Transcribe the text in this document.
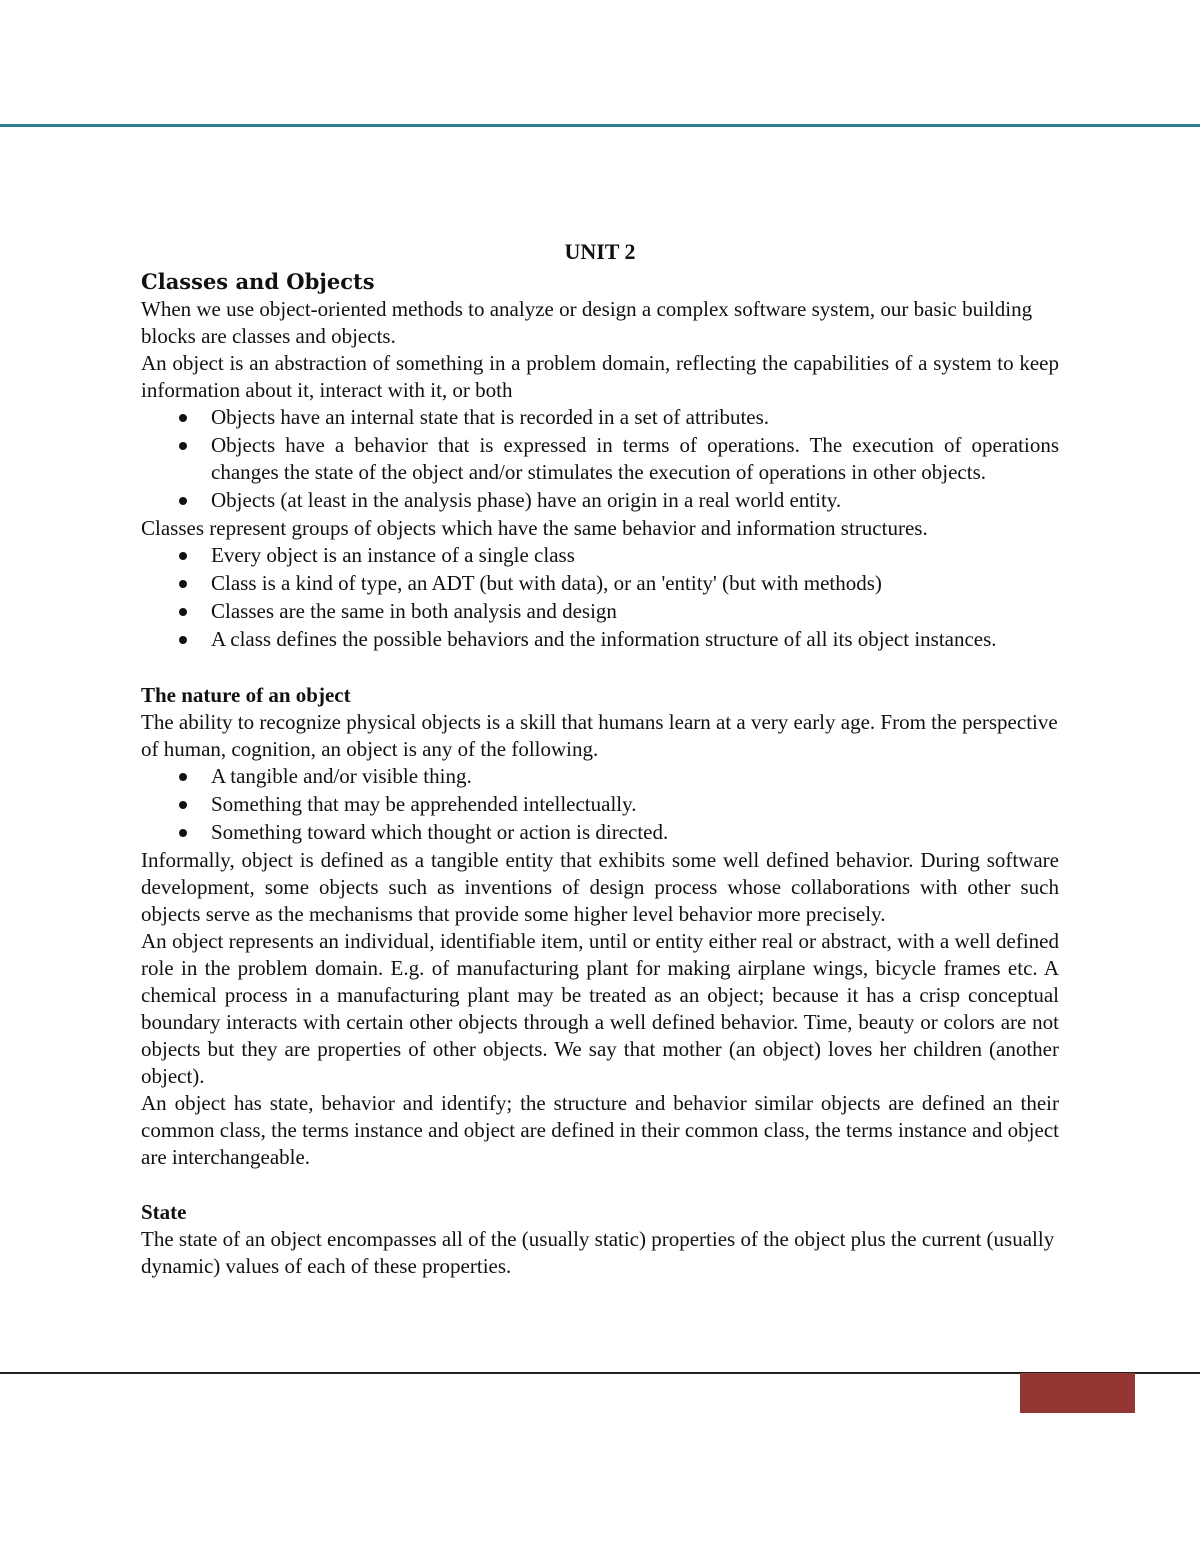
UNIT 2

Classes and Objects

When we use object-oriented methods to analyze or design a complex software system, our basic building blocks are classes and objects.

An object is an abstraction of something in a problem domain, reflecting the capabilities of a system to keep information about it, interact with it, or both

Objects have an internal state that is recorded in a set of attributes.
Objects have a behavior that is expressed in terms of operations. The execution of operations changes the state of the object and/or stimulates the execution of operations in other objects.
Objects (at least in the analysis phase) have an origin in a real world entity.

Classes represent groups of objects which have the same behavior and information structures.

Every object is an instance of a single class
Class is a kind of type, an ADT (but with data), or an 'entity' (but with methods)
Classes are the same in both analysis and design
A class defines the possible behaviors and the information structure of all its object instances.

The nature of an object

The ability to recognize physical objects is a skill that humans learn at a very early age. From the perspective of human, cognition, an object is any of the following.

A tangible and/or visible thing.
Something that may be apprehended intellectually.
Something toward which thought or action is directed.

Informally, object is defined as a tangible entity that exhibits some well defined behavior. During software development, some objects such as inventions of design process whose collaborations with other such objects serve as the mechanisms that provide some higher level behavior more precisely.

An object represents an individual, identifiable item, until or entity either real or abstract, with a well defined role in the problem domain. E.g. of manufacturing plant for making airplane wings, bicycle frames etc. A chemical process in a manufacturing plant may be treated as an object; because it has a crisp conceptual boundary interacts with certain other objects through a well defined behavior. Time, beauty or colors are not objects but they are properties of other objects. We say that mother (an object) loves her children (another object).

An object has state, behavior and identify; the structure and behavior similar objects are defined an their common class, the terms instance and object are defined in their common class, the terms instance and object are interchangeable.

State

The state of an object encompasses all of the (usually static) properties of the object plus the current (usually dynamic) values of each of these properties.
